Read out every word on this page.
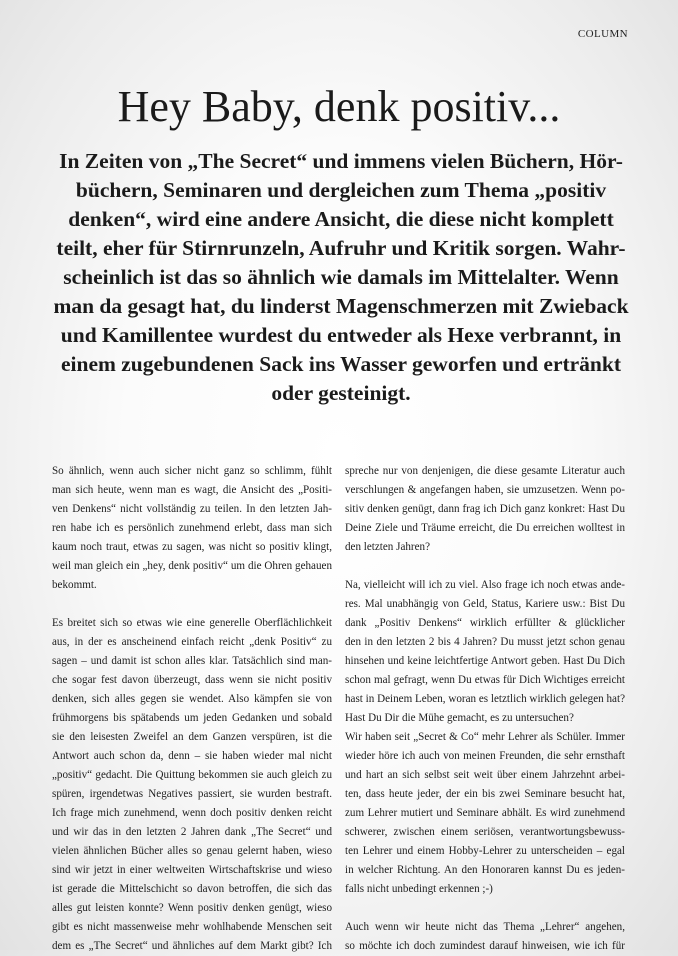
COLUMN
Hey Baby, denk positiv...
In Zeiten von „The Secret“ und immens vielen Büchern, Hör-
büchern, Seminaren und dergleichen zum Thema „positiv
denken“, wird eine andere Ansicht, die diese nicht komplett
teilt, eher für Stirnrunzeln, Aufruhr und Kritik sorgen. Wahr-
scheinlich ist das so ähnlich wie damals im Mittelalter. Wenn
man da gesagt hat, du linderst Magenschmerzen mit Zwieback
und Kamillentee wurdest du entweder als Hexe verbrannt, in
einem zugebundenen Sack ins Wasser geworfen und ertränkt
oder gesteinigt.
So ähnlich, wenn auch sicher nicht ganz so schlimm, fühlt
man sich heute, wenn man es wagt, die Ansicht des „Positi-
ven Denkens“ nicht vollständig zu teilen. In den letzten Jah-
ren habe ich es persönlich zunehmend erlebt, dass man sich
kaum noch traut, etwas zu sagen, was nicht so positiv klingt,
weil man gleich ein „hey, denk positiv“ um die Ohren gehauen
bekommt.
Es breitet sich so etwas wie eine generelle Oberflächlichkeit
aus, in der es anscheinend einfach reicht „denk Positiv“ zu
sagen – und damit ist schon alles klar. Tatsächlich sind man-
che sogar fest davon überzeugt, dass wenn sie nicht positiv
denken, sich alles gegen sie wendet. Also kämpfen sie von
frühmorgens bis spätabends um jeden Gedanken und sobald
sie den leisesten Zweifel an dem Ganzen verspüren, ist die
Antwort auch schon da, denn – sie haben wieder mal nicht
„positiv“ gedacht. Die Quittung bekommen sie auch gleich zu
spüren, irgendetwas Negatives passiert, sie wurden bestraft.
Ich frage mich zunehmend, wenn doch positiv denken reicht
und wir das in den letzten 2 Jahren dank „The Secret“ und
vielen ähnlichen Bücher alles so genau gelernt haben, wieso
sind wir jetzt in einer weltweiten Wirtschaftskrise und wieso
ist gerade die Mittelschicht so davon betroffen, die sich das
alles gut leisten konnte? Wenn positiv denken genügt, wieso
gibt es nicht massenweise mehr wohlhabende Menschen seit
dem es „The Secret“ und ähnliches auf dem Markt gibt? Ich
spreche nur von denjenigen, die diese gesamte Literatur auch
verschlungen & angefangen haben, sie umzusetzen. Wenn po-
sitiv denken genügt, dann frag ich Dich ganz konkret: Hast Du
Deine Ziele und Träume erreicht, die Du erreichen wolltest in
den letzten Jahren?
Na, vielleicht will ich zu viel. Also frage ich noch etwas ande-
res. Mal unabhängig von Geld, Status, Kariere usw.: Bist Du
dank „Positiv Denkens“ wirklich erfüllter & glücklicher
den in den letzten 2 bis 4 Jahren? Du musst jetzt schon genau
hinsehen und keine leichtfertige Antwort geben. Hast Du Dich
schon mal gefragt, wenn Du etwas für Dich Wichtiges erreicht
hast in Deinem Leben, woran es letztlich wirklich gelegen hat?
Hast Du Dir die Mühe gemacht, es zu untersuchen?
Wir haben seit „Secret & Co“ mehr Lehrer als Schüler. Immer
wieder höre ich auch von meinen Freunden, die sehr ernsthaft
und hart an sich selbst seit weit über einem Jahrzehnt arbei-
ten, dass heute jeder, der ein bis zwei Seminare besucht hat,
zum Lehrer mutiert und Seminare abhält. Es wird zunehmend
schwerer, zwischen einem seriösen, verantwortungsbewuss-
ten Lehrer und einem Hobby-Lehrer zu unterscheiden – egal
in welcher Richtung. An den Honoraren kannst Du es jeden-
falls nicht unbedingt erkennen ;-)
Auch wenn wir heute nicht das Thema „Lehrer“ angehen,
so möchte ich doch zumindest darauf hinweisen, wie ich für
